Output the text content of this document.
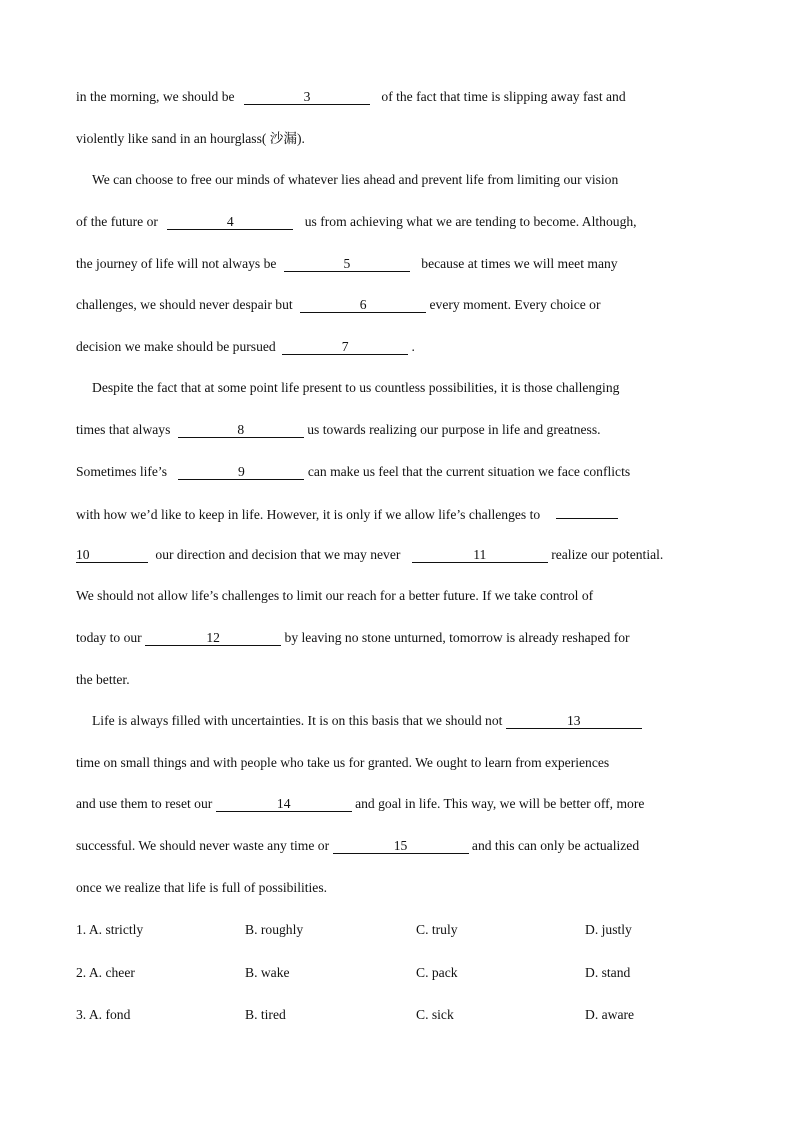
in the morning, we should be	3	of the fact that time is slipping away fast and
violently like sand in an hourglass( 沙漏).
We can choose to free our minds of whatever lies ahead and prevent life from limiting our vision
of the future or	4	us from achieving what we are tending to become. Although,
the journey of life will not always be	5	because at times we will meet many
challenges, we should never despair but	6	every moment. Every choice or
decision we make should be pursued	7	.
Despite the fact that at some point life present to us countless possibilities, it is those challenging
times that always	8	us towards realizing our purpose in life and greatness.
Sometimes life’s	9	can make us feel that the current situation we face conflicts
with how we’d like to keep in life. However, it is only if we allow life’s challenges to
10	our direction and decision that we may never	11	realize our potential.
We should not allow life’s challenges to limit our reach for a better future. If we take control of
today to our	12	by leaving no stone unturned, tomorrow is already reshaped for
the better.
Life is always filled with uncertainties. It is on this basis that we should not	13
time on small things and with people who take us for granted. We ought to learn from experiences
and use them to reset our	14	and goal in life. This way, we will be better off, more
successful. We should never waste any time or	15	and this can only be actualized
once we realize that life is full of possibilities.
1. A. strictly	B. roughly	C. truly	D. justly
2. A. cheer	B. wake	C. pack	D. stand
3. A. fond	B. tired	C. sick	D. aware
